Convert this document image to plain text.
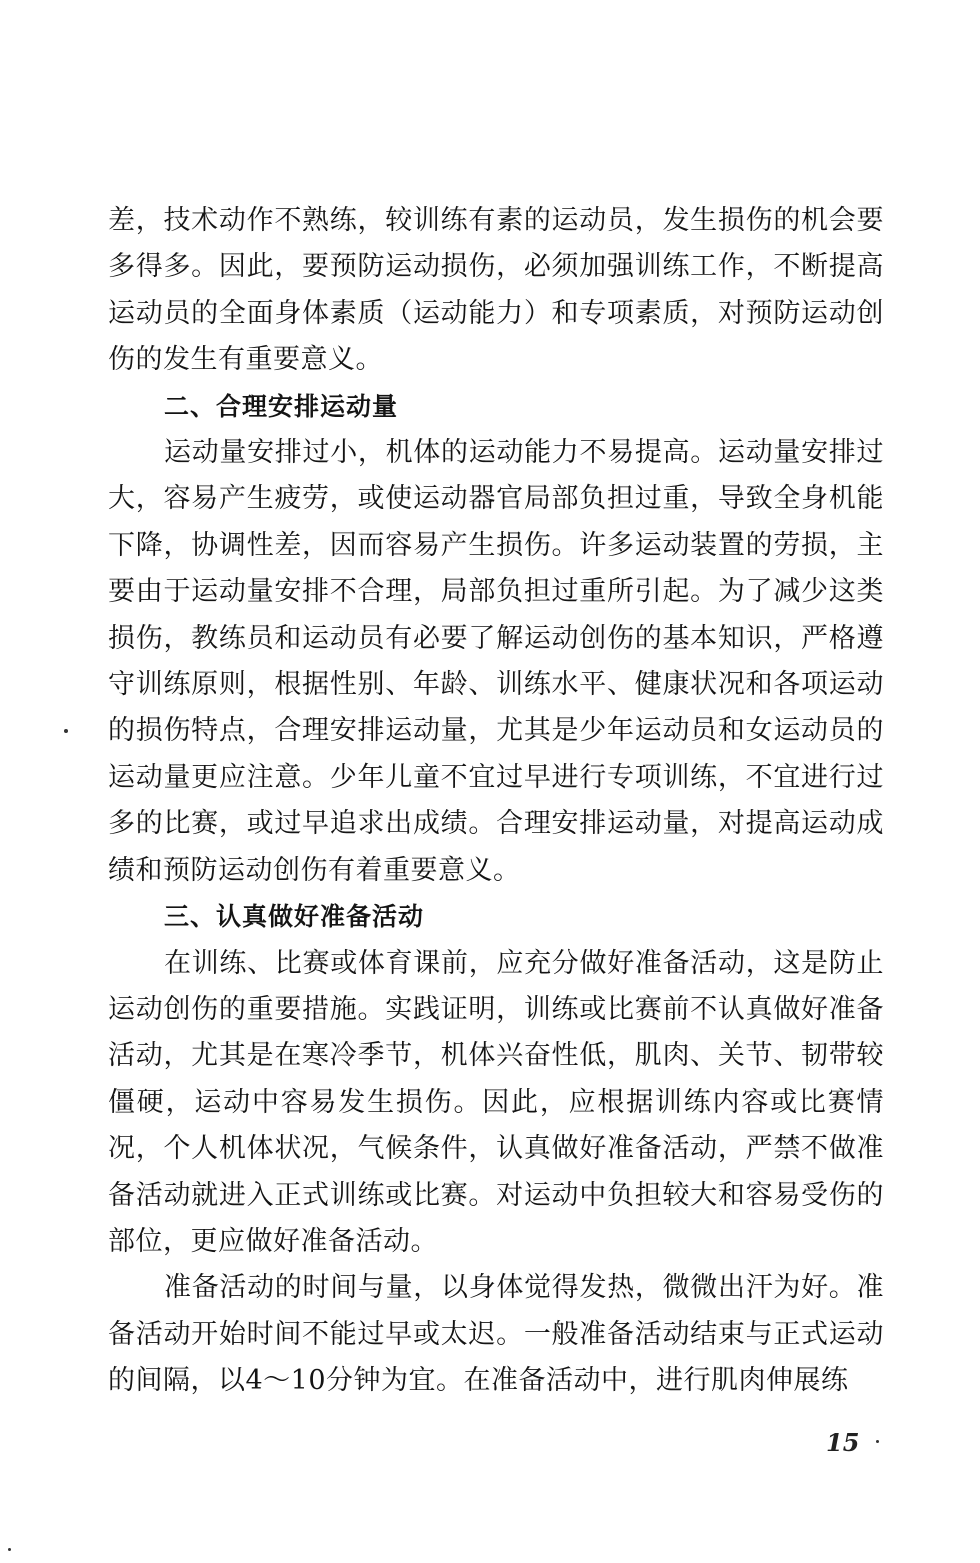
差，技术动作不熟练，较训练有素的运动员，发生损伤的机会要多得多。因此，要预防运动损伤，必须加强训练工作，不断提高运动员的全面身体素质（运动能力）和专项素质，对预防运动创伤的发生有重要意义。

二、合理安排运动量

运动量安排过小，机体的运动能力不易提高。运动量安排过大，容易产生疲劳，或使运动器官局部负担过重，导致全身机能下降，协调性差，因而容易产生损伤。许多运动装置的劳损，主要由于运动量安排不合理，局部负担过重所引起。为了减少这类损伤，教练员和运动员有必要了解运动创伤的基本知识，严格遵守训练原则，根据性别、年龄、训练水平、健康状况和各项运动的损伤特点，合理安排运动量，尤其是少年运动员和女运动员的运动量更应注意。少年儿童不宜过早进行专项训练，不宜进行过多的比赛，或过早追求出成绩。合理安排运动量，对提高运动成绩和预防运动创伤有着重要意义。

三、认真做好准备活动

在训练、比赛或体育课前，应充分做好准备活动，这是防止运动创伤的重要措施。实践证明，训练或比赛前不认真做好准备活动，尤其是在寒冷季节，机体兴奋性低，肌肉、关节、韧带较僵硬，运动中容易发生损伤。因此，应根据训练内容或比赛情况，个人机体状况，气候条件，认真做好准备活动，严禁不做准备活动就进入正式训练或比赛。对运动中负担较大和容易受伤的部位，更应做好准备活动。

准备活动的时间与量，以身体觉得发热，微微出汗为好。准备活动开始时间不能过早或太迟。一般准备活动结束与正式运动的间隔，以4～10分钟为宜。在准备活动中，进行肌肉伸展练

15
